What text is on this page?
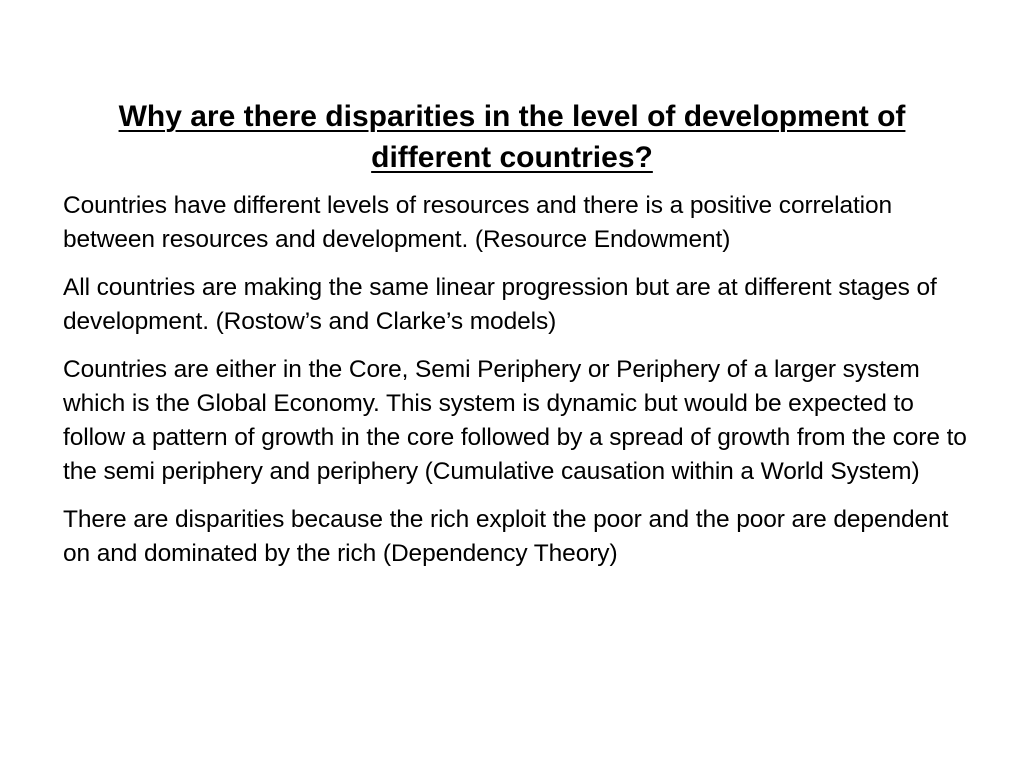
Why are there disparities in the level of development of different countries?

Countries have different levels of resources and there is a positive correlation between resources and development. (Resource Endowment)

All countries are making the same linear progression but are at different stages of development. (Rostow’s and Clarke’s models)

Countries are either in the Core, Semi Periphery or Periphery of a larger system which is the Global Economy. This system is dynamic but would be expected to follow a pattern of growth in the core followed by a spread of growth from the core to the semi periphery and periphery (Cumulative causation within a World System)

There are disparities because the rich exploit the poor and the poor are dependent on and dominated by the rich (Dependency Theory)
